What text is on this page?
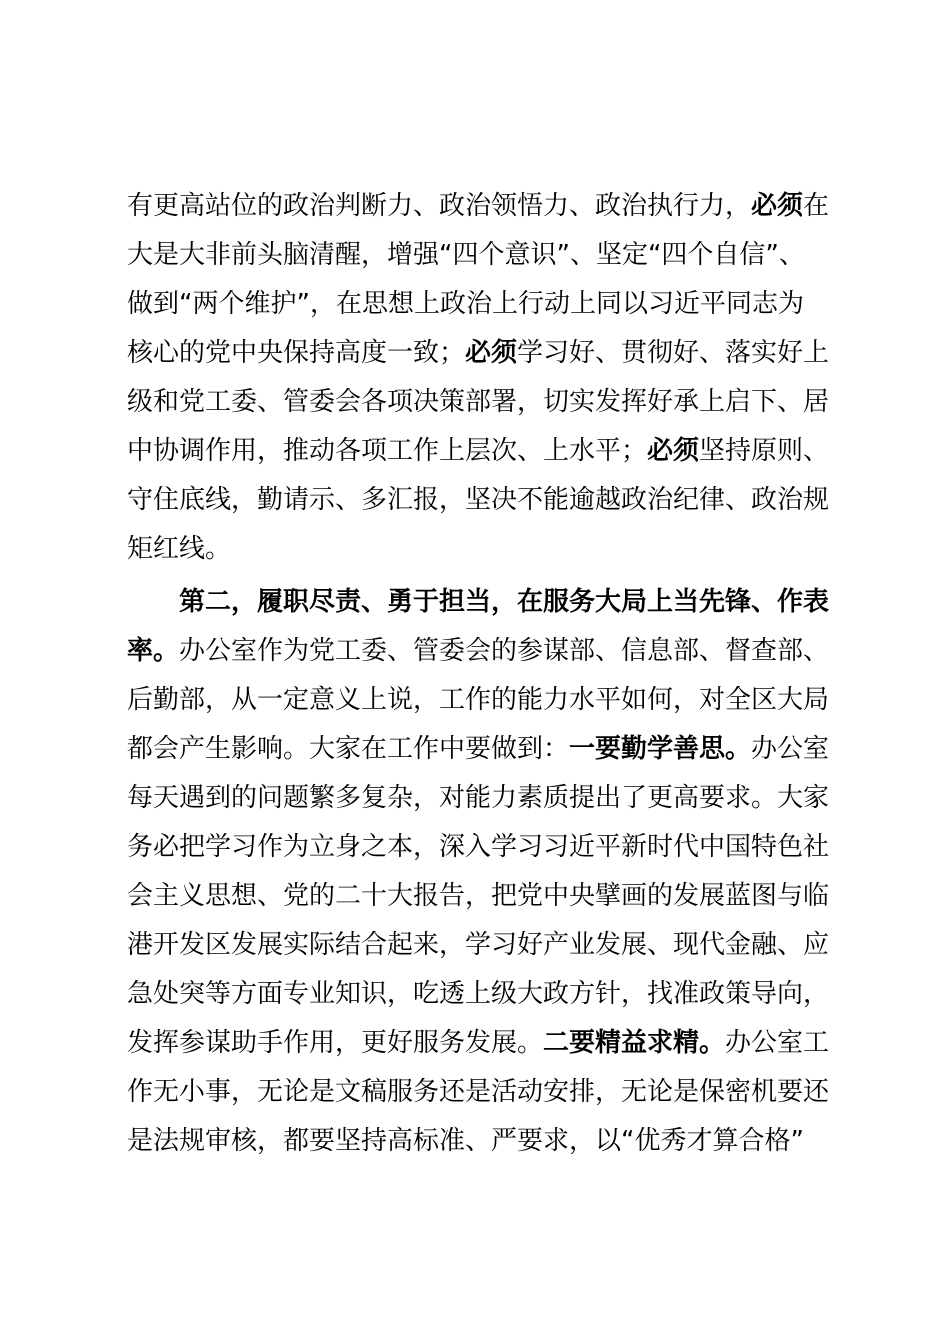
有更高站位的政治判断力、政治领悟力、政治执行力，必须在
大是大非前头脑清醒，增强“四个意识”、坚定“四个自信”、
做到“两个维护”，在思想上政治上行动上同以习近平同志为
核心的党中央保持高度一致；必须学习好、贯彻好、落实好上
级和党工委、管委会各项决策部署，切实发挥好承上启下、居
中协调作用，推动各项工作上层次、上水平；必须坚持原则、
守住底线，勤请示、多汇报，坚决不能逾越政治纪律、政治规
矩红线。
第二，履职尽责、勇于担当，在服务大局上当先锋、作表
率。办公室作为党工委、管委会的参谋部、信息部、督查部、
后勤部，从一定意义上说，工作的能力水平如何，对全区大局
都会产生影响。大家在工作中要做到：一要勤学善思。办公室
每天遇到的问题繁多复杂，对能力素质提出了更高要求。大家
务必把学习作为立身之本，深入学习习近平新时代中国特色社
会主义思想、党的二十大报告，把党中央擘画的发展蓝图与临
港开发区发展实际结合起来，学习好产业发展、现代金融、应
急处突等方面专业知识，吃透上级大政方针，找准政策导向，
发挥参谋助手作用，更好服务发展。二要精益求精。办公室工
作无小事，无论是文稿服务还是活动安排，无论是保密机要还
是法规审核，都要坚持高标准、严要求，以“优秀才算合格”
